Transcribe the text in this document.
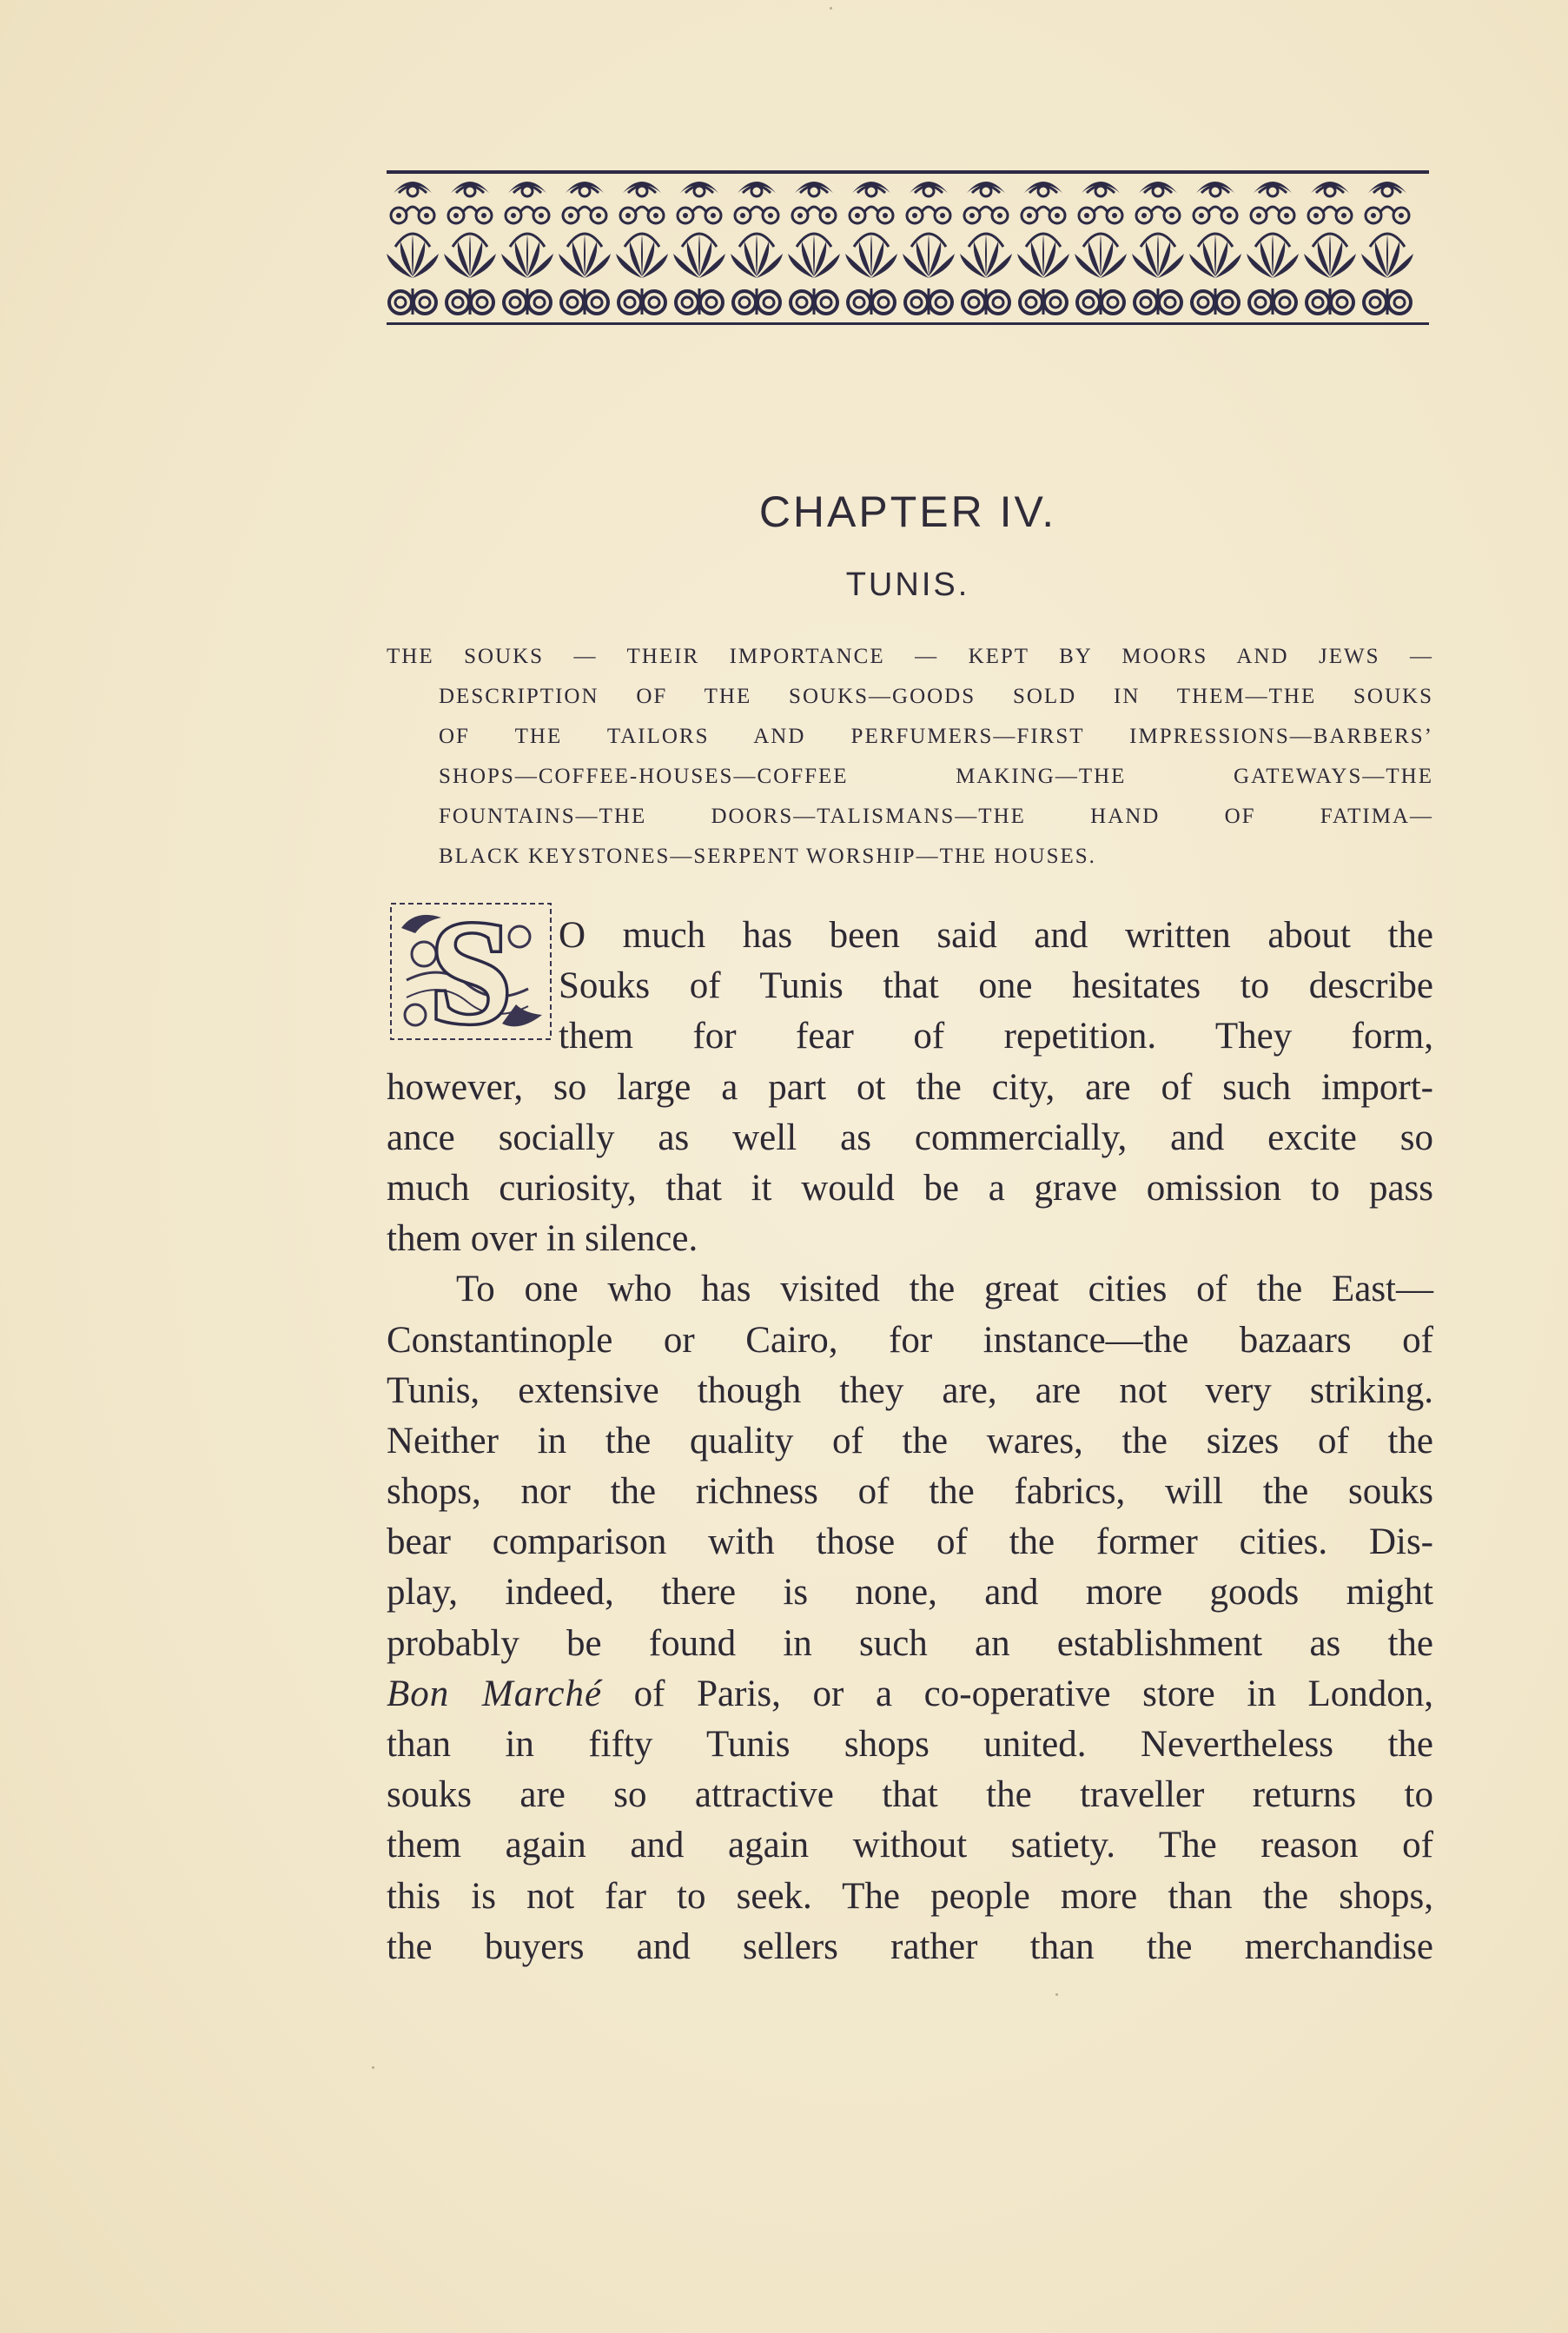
CHAPTER IV.
TUNIS.
THE SOUKS — THEIR IMPORTANCE — KEPT BY MOORS AND JEWS —
DESCRIPTION OF THE SOUKS—GOODS SOLD IN THEM—THE SOUKS
OF THE TAILORS AND PERFUMERS—FIRST IMPRESSIONS—BARBERS’
SHOPS—COFFEE-HOUSES—COFFEE MAKING—THE GATEWAYS—THE
FOUNTAINS—THE DOORS—TALISMANS—THE HAND OF FATIMA—
BLACK KEYSTONES—SERPENT WORSHIP—THE HOUSES.
S O much has been said and written about the
Souks of Tunis that one hesitates to describe
them for fear of repetition. They form,
however, so large a part ot the city, are of such import-
ance socially as well as commercially, and excite so
much curiosity, that it would be a grave omission to pass
them over in silence.
To one who has visited the great cities of the East—
Constantinople or Cairo, for instance—the bazaars of
Tunis, extensive though they are, are not very striking.
Neither in the quality of the wares, the sizes of the
shops, nor the richness of the fabrics, will the souks
bear comparison with those of the former cities. Dis-
play, indeed, there is none, and more goods might
probably be found in such an establishment as the
Bon Marché of Paris, or a co-operative store in London,
than in fifty Tunis shops united. Nevertheless the
souks are so attractive that the traveller returns to
them again and again without satiety. The reason of
this is not far to seek. The people more than the shops,
the buyers and sellers rather than the merchandise
